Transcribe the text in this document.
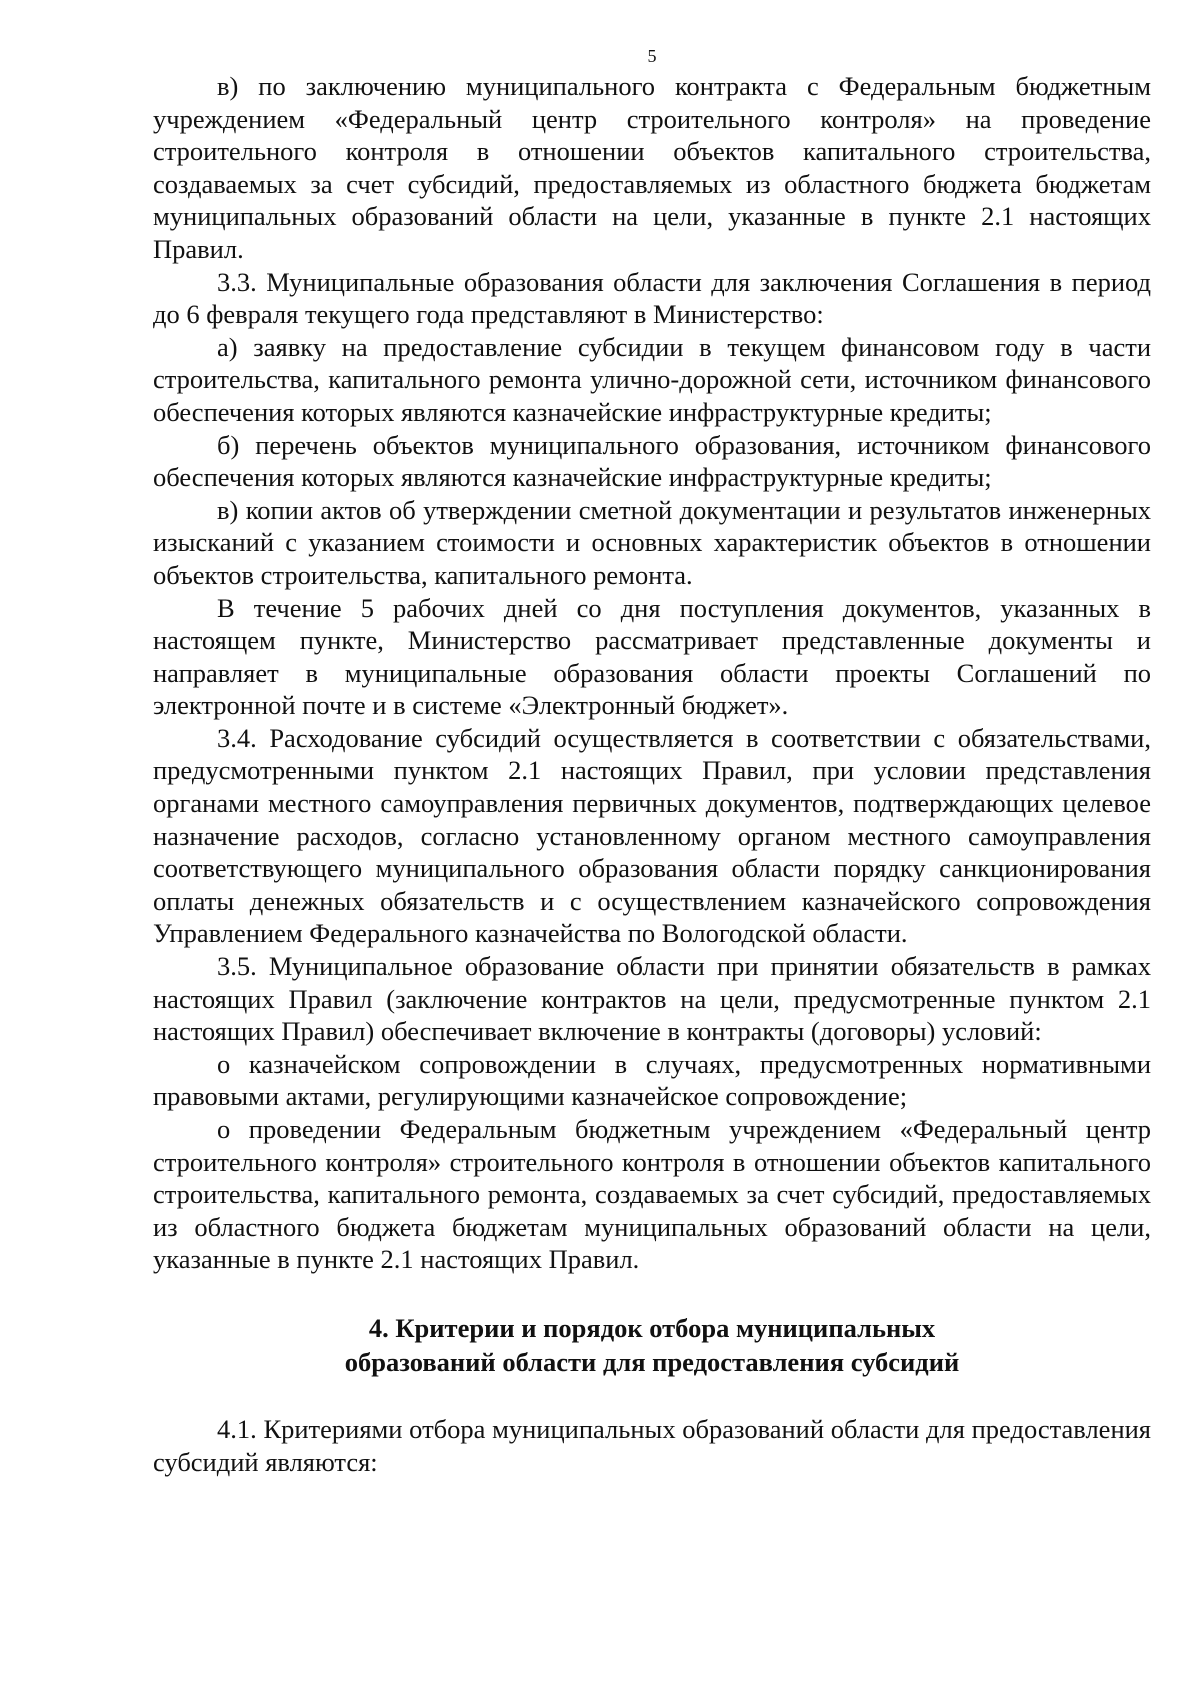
5

в) по заключению муниципального контракта с Федеральным бюджетным учреждением «Федеральный центр строительного контроля» на проведение строительного контроля в отношении объектов капитального строительства, создаваемых за счет субсидий, предоставляемых из областного бюджета бюджетам муниципальных образований области на цели, указанные в пункте 2.1 настоящих Правил.

3.3. Муниципальные образования области для заключения Соглашения в период до 6 февраля текущего года представляют в Министерство:

а) заявку на предоставление субсидии в текущем финансовом году в части строительства, капитального ремонта улично-дорожной сети, источником финансового обеспечения которых являются казначейские инфраструктурные кредиты;

б) перечень объектов муниципального образования, источником финансового обеспечения которых являются казначейские инфраструктурные кредиты;

в) копии актов об утверждении сметной документации и результатов инженерных изысканий с указанием стоимости и основных характеристик объектов в отношении объектов строительства, капитального ремонта.

В течение 5 рабочих дней со дня поступления документов, указанных в настоящем пункте, Министерство рассматривает представленные документы и направляет в муниципальные образования области проекты Соглашений по электронной почте и в системе «Электронный бюджет».

3.4. Расходование субсидий осуществляется в соответствии с обязательствами, предусмотренными пунктом 2.1 настоящих Правил, при условии представления органами местного самоуправления первичных документов, подтверждающих целевое назначение расходов, согласно установленному органом местного самоуправления соответствующего муниципального образования области порядку санкционирования оплаты денежных обязательств и с осуществлением казначейского сопровождения Управлением Федерального казначейства по Вологодской области.

3.5. Муниципальное образование области при принятии обязательств в рамках настоящих Правил (заключение контрактов на цели, предусмотренные пунктом 2.1 настоящих Правил) обеспечивает включение в контракты (договоры) условий:

о казначейском сопровождении в случаях, предусмотренных нормативными правовыми актами, регулирующими казначейское сопровождение;

о проведении Федеральным бюджетным учреждением «Федеральный центр строительного контроля» строительного контроля в отношении объектов капитального строительства, капитального ремонта, создаваемых за счет субсидий, предоставляемых из областного бюджета бюджетам муниципальных образований области на цели, указанные в пункте 2.1 настоящих Правил.

4. Критерии и порядок отбора муниципальных
образований области для предоставления субсидий

4.1. Критериями отбора муниципальных образований области для предоставления субсидий являются:
